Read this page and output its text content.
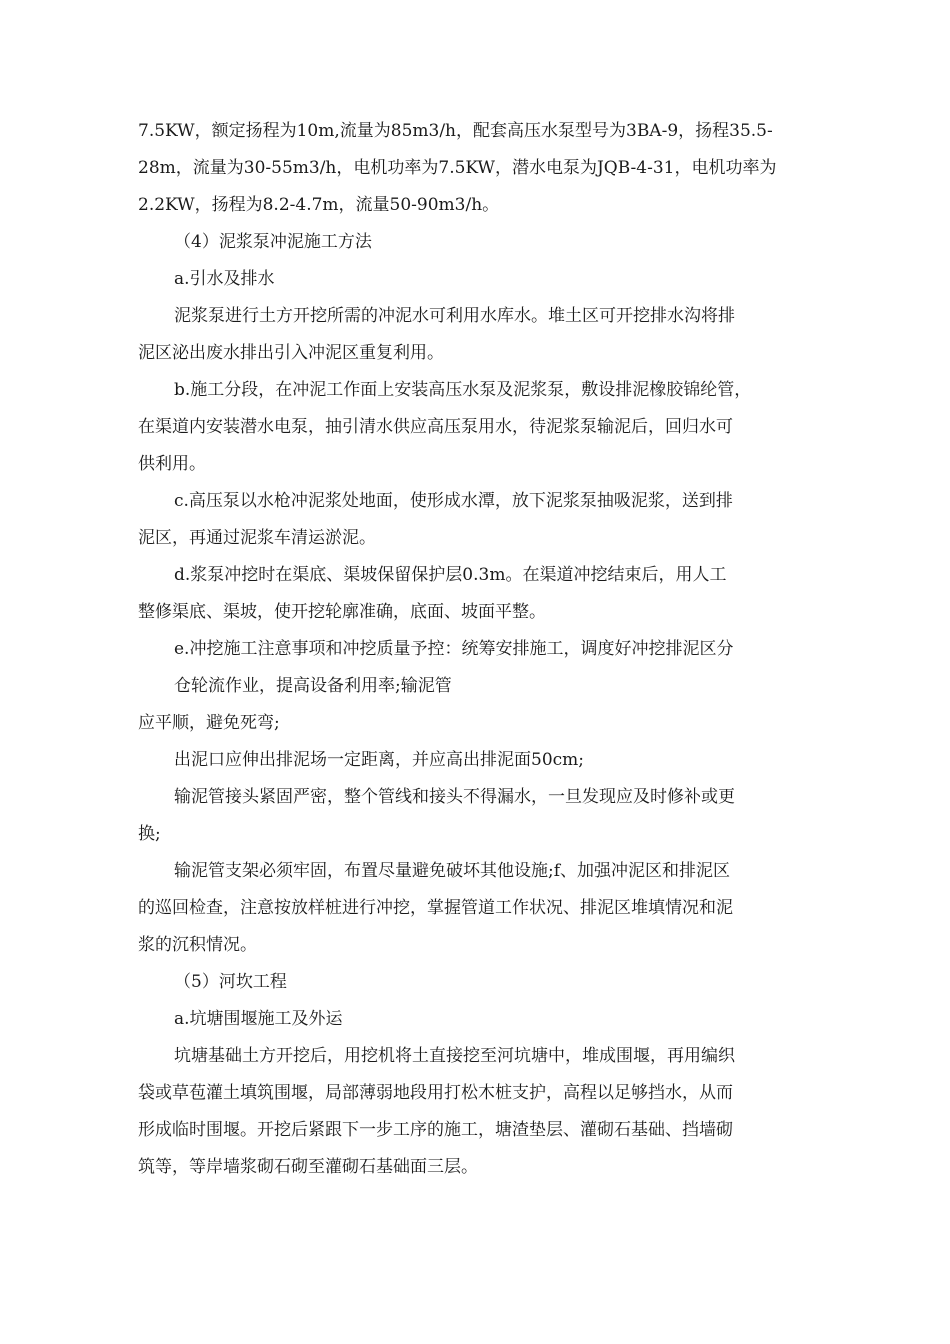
7.5KW，额定扬程为10m,流量为85m3/h，配套高压水泵型号为3BA-9，扬程35.5-
28m，流量为30-55m3/h，电机功率为7.5KW，潜水电泵为JQB-4-31，电机功率为
2.2KW，扬程为8.2-4.7m，流量50-90m3/h。
（4）泥浆泵冲泥施工方法
a.引水及排水
泥浆泵进行土方开挖所需的冲泥水可利用水库水。堆土区可开挖排水沟将排
泥区泌出废水排出引入冲泥区重复利用。
b.施工分段，在冲泥工作面上安装高压水泵及泥浆泵，敷设排泥橡胶锦纶管，
在渠道内安装潜水电泵，抽引清水供应高压泵用水，待泥浆泵输泥后，回归水可
供利用。
c.高压泵以水枪冲泥浆处地面，使形成水潭，放下泥浆泵抽吸泥浆，送到排
泥区，再通过泥浆车清运淤泥。
d.浆泵冲挖时在渠底、渠坡保留保护层0.3m。在渠道冲挖结束后，用人工
整修渠底、渠坡，使开挖轮廓准确，底面、坡面平整。
e.冲挖施工注意事项和冲挖质量予控：统筹安排施工，调度好冲挖排泥区分
仓轮流作业，提高设备利用率;输泥管
应平顺，避免死弯;
出泥口应伸出排泥场一定距离，并应高出排泥面50cm;
输泥管接头紧固严密，整个管线和接头不得漏水，一旦发现应及时修补或更
换;
输泥管支架必须牢固，布置尽量避免破坏其他设施;f、加强冲泥区和排泥区
的巡回检查，注意按放样桩进行冲挖，掌握管道工作状况、排泥区堆填情况和泥
浆的沉积情况。
（5）河坎工程
a.坑塘围堰施工及外运
坑塘基础土方开挖后，用挖机将土直接挖至河坑塘中，堆成围堰，再用编织
袋或草苞灌土填筑围堰，局部薄弱地段用打松木桩支护，高程以足够挡水，从而
形成临时围堰。开挖后紧跟下一步工序的施工，塘渣垫层、灌砌石基础、挡墙砌
筑等，等岸墙浆砌石砌至灌砌石基础面三层。
